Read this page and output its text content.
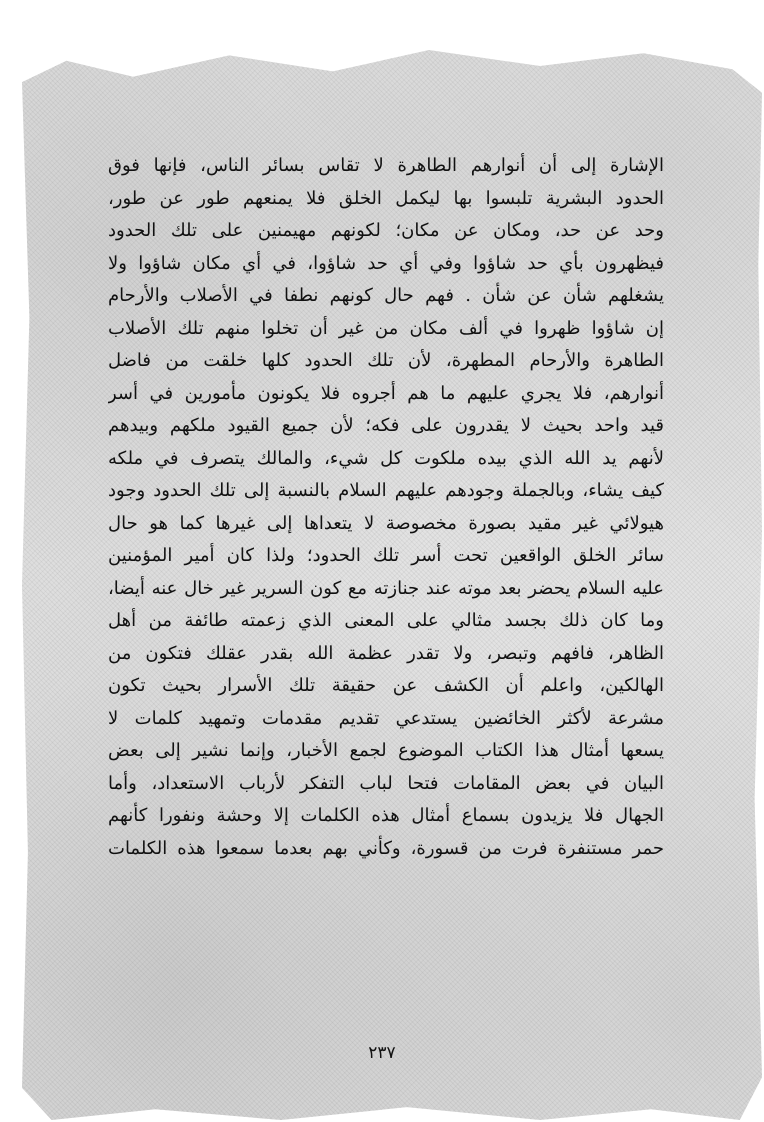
الإشارة إلى أن أنوارهم الطاهرة لا تقاس بسائر الناس، فإنها فوق
الحدود البشرية تلبسوا بها ليكمل الخلق فلا يمنعهم طور عن طور،
وحد عن حد، ومكان عن مكان؛ لكونهم مهيمنين على تلك الحدود
فيظهرون بأي حد شاؤوا وفي أي حد شاؤوا، في أي مكان شاؤوا ولا
يشغلهم شأن عن شأن . فهم حال كونهم نطفا في الأصلاب والأرحام
إن شاؤوا ظهروا في ألف مكان من غير أن تخلوا منهم تلك الأصلاب
الطاهرة والأرحام المطهرة، لأن تلك الحدود كلها خلقت من فاضل
أنوارهم، فلا يجري عليهم ما هم أجروه فلا يكونون مأمورين في أسر
قيد واحد بحيث لا يقدرون على فكه؛ لأن جميع القيود ملكهم وبيدهم
لأنهم يد الله الذي بيده ملكوت كل شيء، والمالك يتصرف في ملكه
كيف يشاء، وبالجملة وجودهم عليهم السلام بالنسبة إلى تلك الحدود وجود
هيولائي غير مقيد بصورة مخصوصة لا يتعداها إلى غيرها كما هو حال
سائر الخلق الواقعين تحت أسر تلك الحدود؛ ولذا كان أمير المؤمنين
عليه السلام يحضر بعد موته عند جنازته مع كون السرير غير خال عنه أيضا،
وما كان ذلك بجسد مثالي على المعنى الذي زعمته طائفة من أهل
الظاهر، فافهم وتبصر، ولا تقدر عظمة الله بقدر عقلك فتكون من
الهالكين، واعلم أن الكشف عن حقيقة تلك الأسرار بحيث تكون
مشرعة لأكثر الخائضين يستدعي تقديم مقدمات وتمهيد كلمات لا
يسعها أمثال هذا الكتاب الموضوع لجمع الأخبار، وإنما نشير إلى بعض
البيان في بعض المقامات فتحا لباب التفكر لأرباب الاستعداد، وأما
الجهال فلا يزيدون بسماع أمثال هذه الكلمات إلا وحشة ونفورا كأنهم
حمر مستنفرة فرت من قسورة، وكأني بهم بعدما سمعوا هذه الكلمات
٢٣٧
